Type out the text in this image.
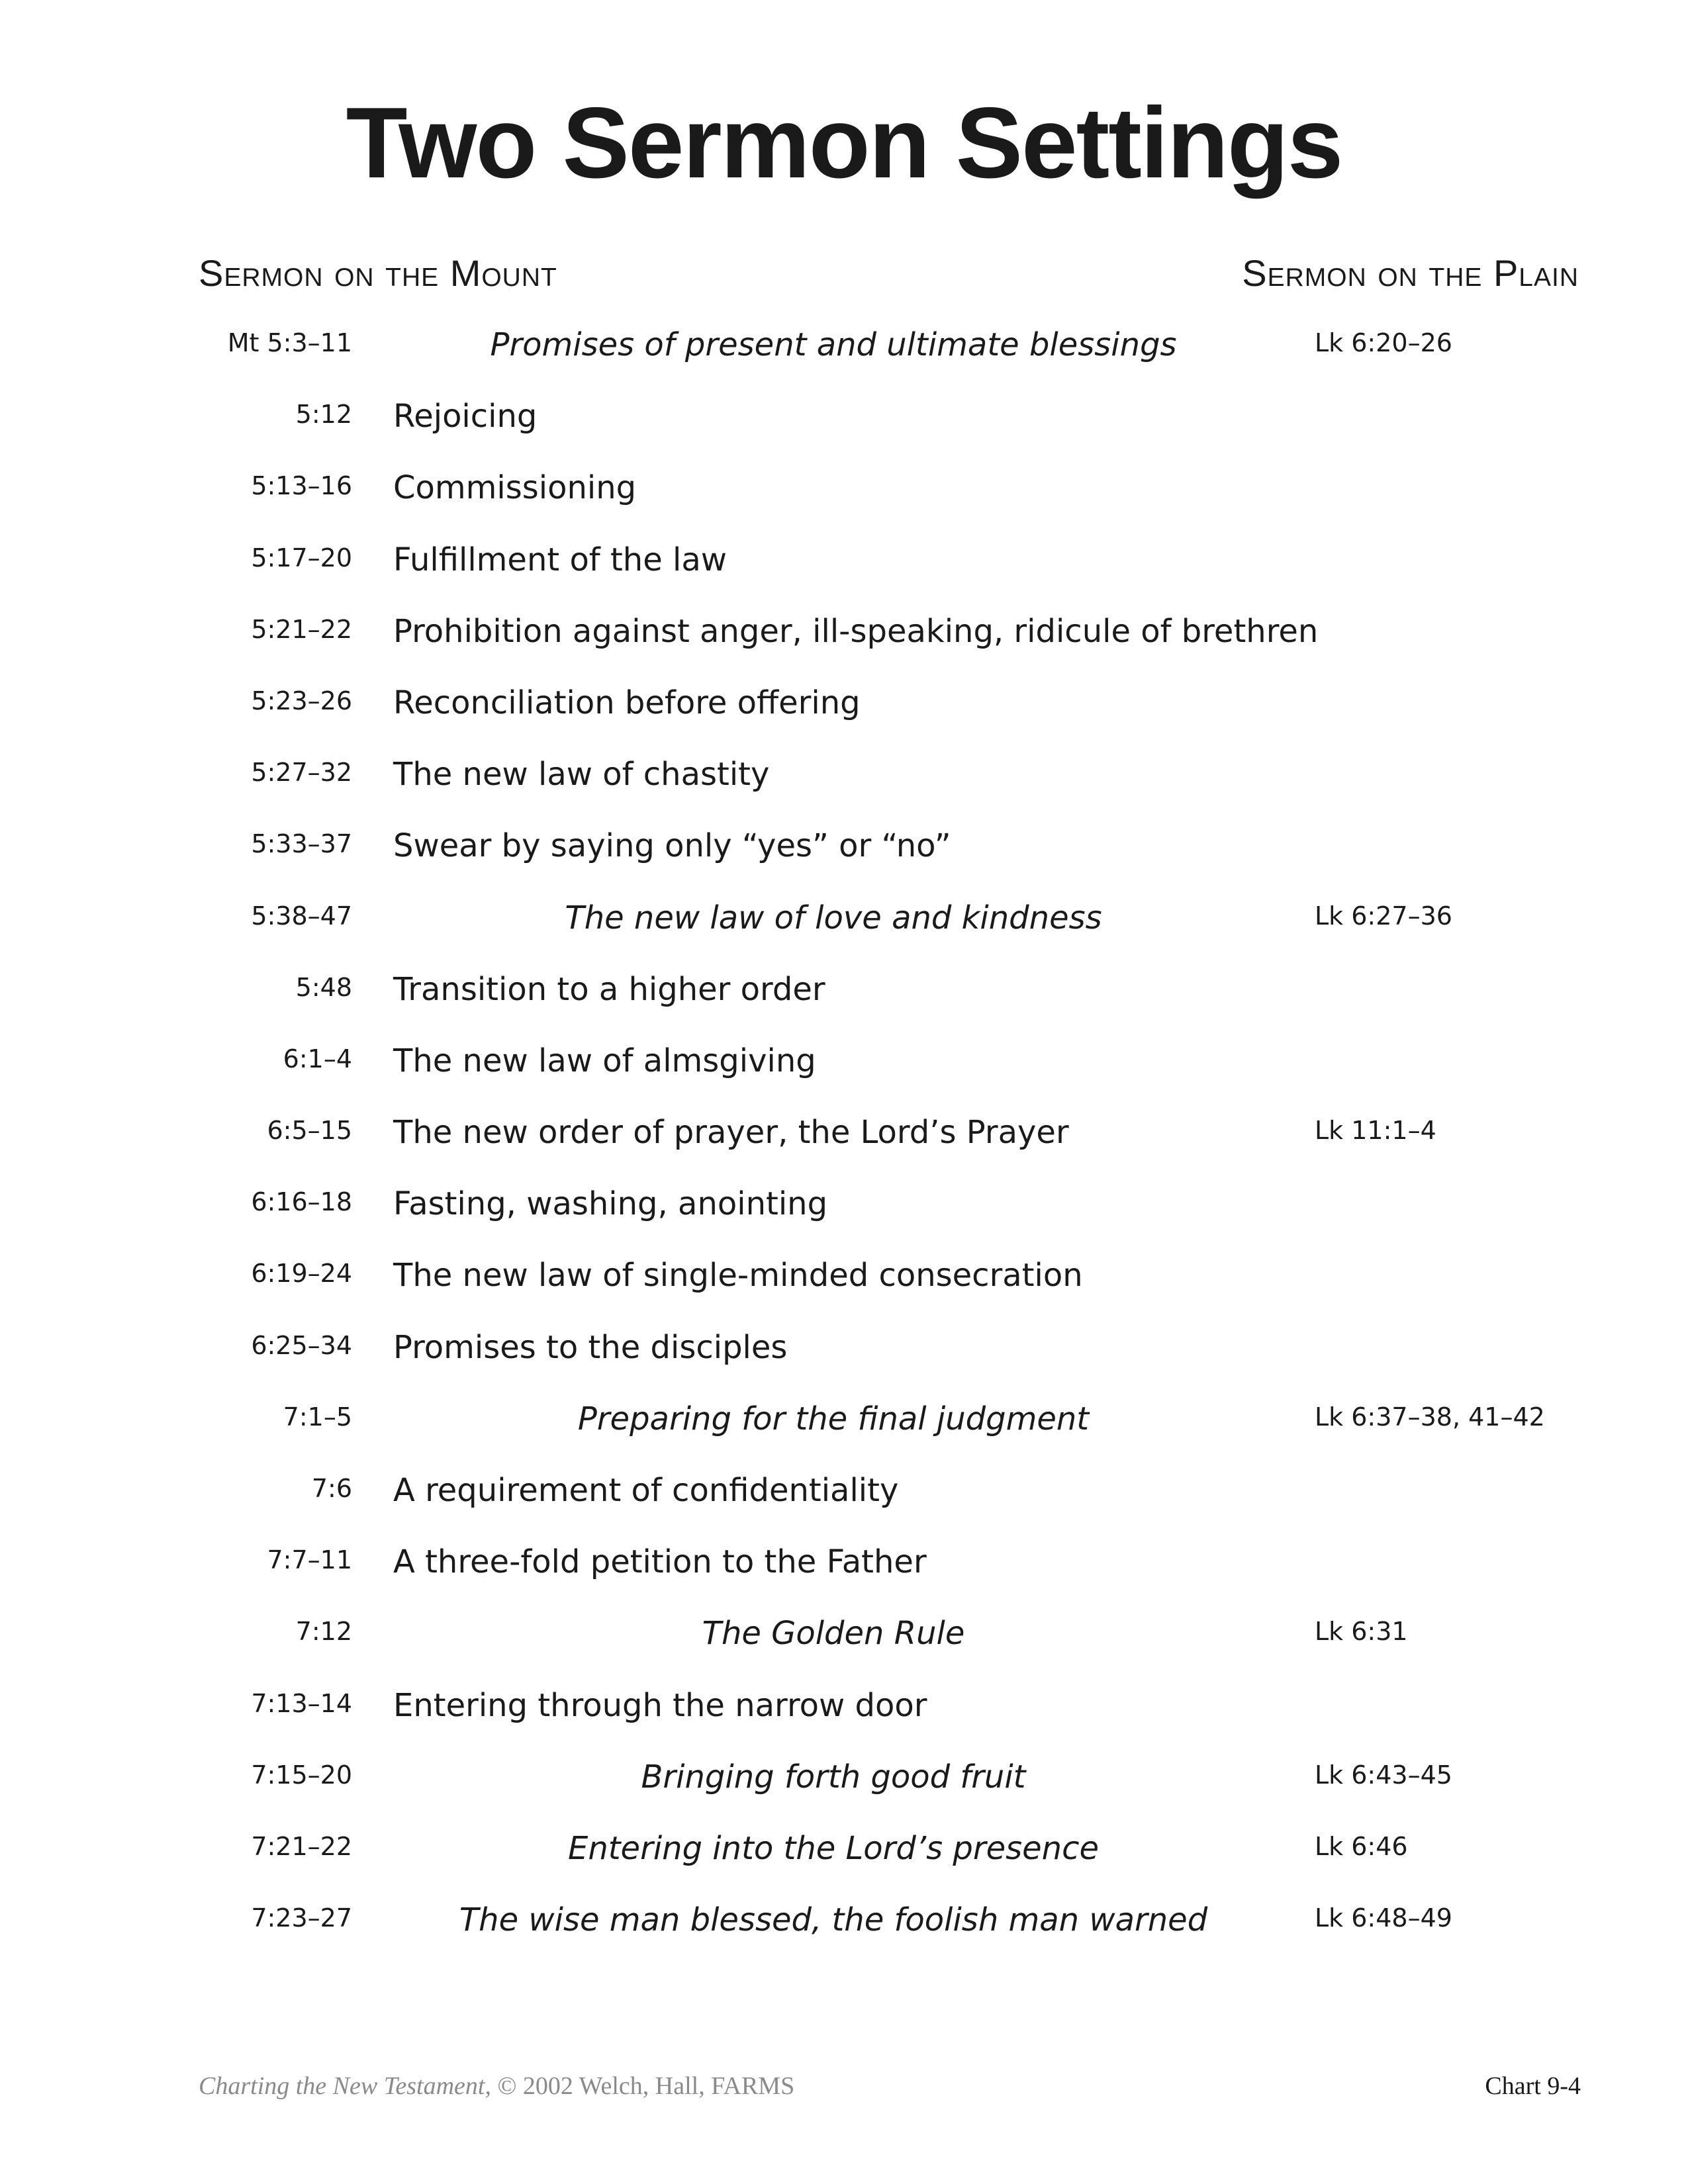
Two Sermon Settings
Sermon on the Mount	Sermon on the Plain
Mt 5:3–11	Promises of present and ultimate blessings	Lk 6:20–26
5:12 Rejoicing
5:13–16 Commissioning
5:17–20 Fulfillment of the law
5:21–22 Prohibition against anger, ill-speaking, ridicule of brethren
5:23–26 Reconciliation before offering
5:27–32 The new law of chastity
5:33–37 Swear by saying only “yes” or “no”
5:38–47	The new law of love and kindness	Lk 6:27–36
5:48 Transition to a higher order
6:1–4 The new law of almsgiving
6:5–15 The new order of prayer, the Lord’s Prayer	Lk 11:1–4
6:16–18 Fasting, washing, anointing
6:19–24 The new law of single-minded consecration
6:25–34 Promises to the disciples
7:1–5	Preparing for the final judgment	Lk 6:37–38, 41–42
7:6 A requirement of confidentiality
7:7–11 A three-fold petition to the Father
7:12	The Golden Rule	Lk 6:31
7:13–14 Entering through the narrow door
7:15–20	Bringing forth good fruit	Lk 6:43–45
7:21–22	Entering into the Lord’s presence	Lk 6:46
7:23–27	The wise man blessed, the foolish man warned	Lk 6:48–49
Charting the New Testament, © 2002 Welch, Hall, FARMS	Chart 9-4
